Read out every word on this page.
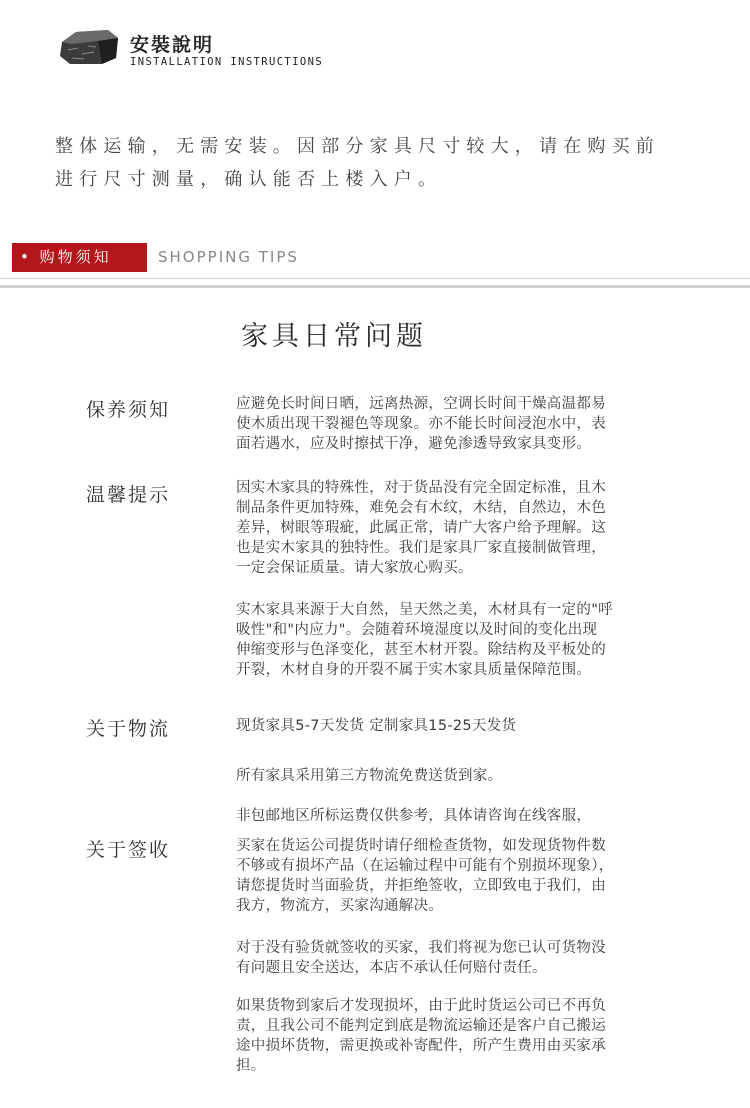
安裝說明
INSTALLATION INSTRUCTIONS
整体运输，无需安装。因部分家具尺寸较大，请在购买前
进行尺寸测量，确认能否上楼入户。
• 购物须知	SHOPPING TIPS
家具日常问题
保养须知	应避免长时间日晒，远离热源，空调长时间干燥高温都易
使木质出现干裂褪色等现象。亦不能长时间浸泡水中，表
面若遇水，应及时擦拭干净，避免渗透导致家具变形。
温馨提示	因实木家具的特殊性，对于货品没有完全固定标准，且木
制品条件更加特殊，难免会有木纹，木结，自然边，木色
差异，树眼等瑕疵，此属正常，请广大客户给予理解。这
也是实木家具的独特性。我们是家具厂家直接制做管理，
一定会保证质量。请大家放心购买。
实木家具来源于大自然，呈天然之美，木材具有一定的"呼
吸性"和"内应力"。会随着环境湿度以及时间的变化出现
伸缩变形与色泽变化，甚至木材开裂。除结构及平板处的
开裂，木材自身的开裂不属于实木家具质量保障范围。
关于物流	现货家具5-7天发货 定制家具15-25天发货
所有家具采用第三方物流免费送货到家。
非包邮地区所标运费仅供参考，具体请咨询在线客服，
关于签收	买家在货运公司提货时请仔细检查货物，如发现货物件数
不够或有损坏产品（在运输过程中可能有个别损坏现象），
请您提货时当面验货，并拒绝签收，立即致电于我们，由
我方，物流方，买家沟通解决。
对于没有验货就签收的买家，我们将视为您已认可货物没
有问题且安全送达，本店不承认任何赔付责任。
如果货物到家后才发现损坏，由于此时货运公司已不再负
责，且我公司不能判定到底是物流运输还是客户自己搬运
途中损坏货物，需更换或补寄配件，所产生费用由买家承
担。
